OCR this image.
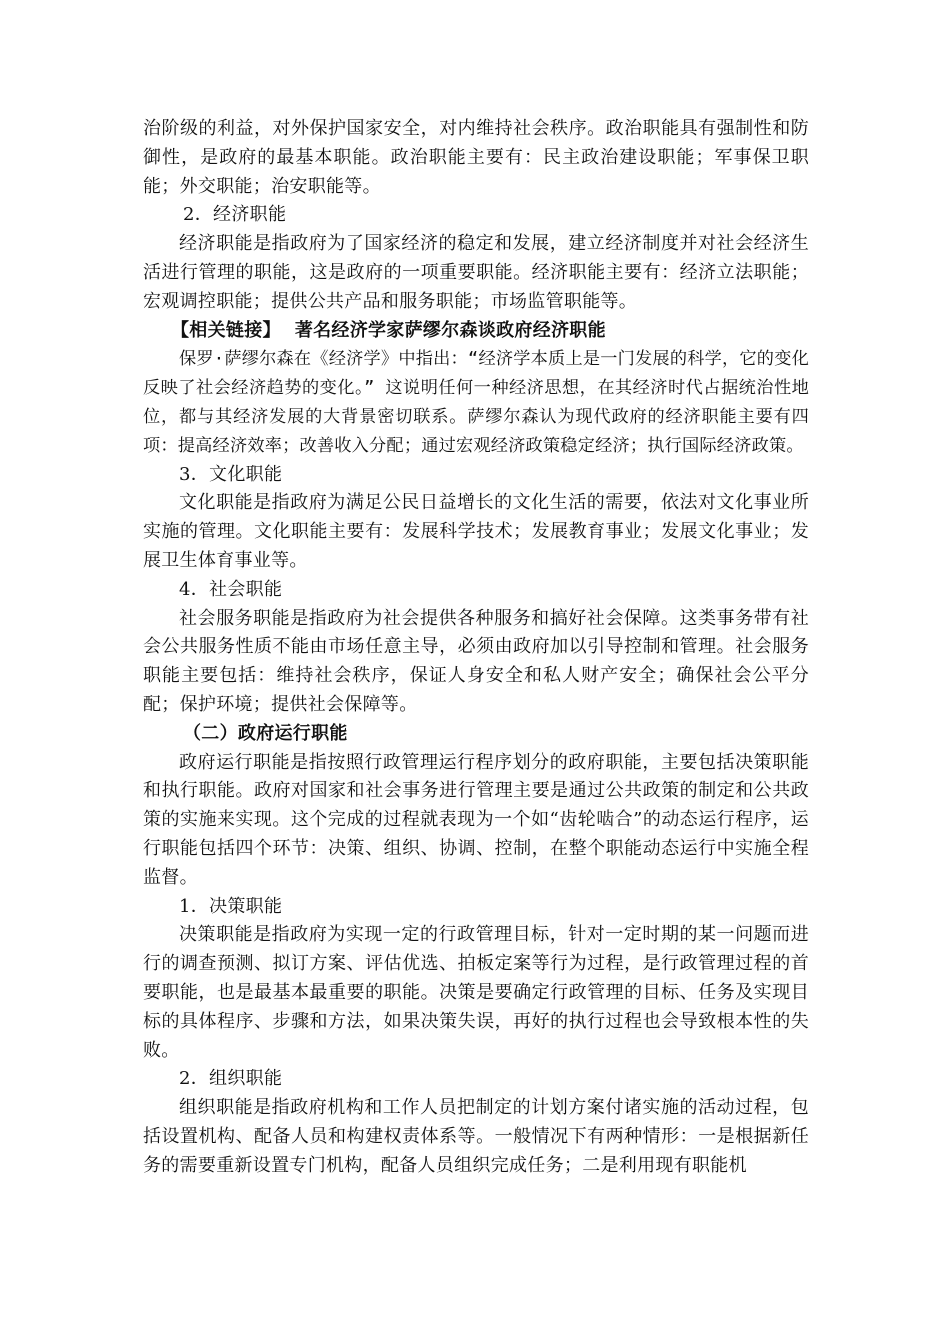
治阶级的利益，对外保护国家安全，对内维持社会秩序。政治职能具有强制性和防御性，是政府的最基本职能。政治职能主要有：民主政治建设职能；军事保卫职能；外交职能；治安职能等。

2．经济职能

经济职能是指政府为了国家经济的稳定和发展，建立经济制度并对社会经济生活进行管理的职能，这是政府的一项重要职能。经济职能主要有：经济立法职能；宏观调控职能；提供公共产品和服务职能；市场监管职能等。

【相关链接】 著名经济学家萨缪尔森谈政府经济职能

保罗·萨缪尔森在《经济学》中指出：“经济学本质上是一门发展的科学，它的变化反映了社会经济趋势的变化。” 这说明任何一种经济思想，在其经济时代占据统治性地位，都与其经济发展的大背景密切联系。萨缪尔森认为现代政府的经济职能主要有四项：提高经济效率；改善收入分配；通过宏观经济政策稳定经济；执行国际经济政策。

3．文化职能

文化职能是指政府为满足公民日益增长的文化生活的需要，依法对文化事业所实施的管理。文化职能主要有：发展科学技术；发展教育事业；发展文化事业；发展卫生体育事业等。

4．社会职能

社会服务职能是指政府为社会提供各种服务和搞好社会保障。这类事务带有社会公共服务性质不能由市场任意主导，必须由政府加以引导控制和管理。社会服务职能主要包括：维持社会秩序，保证人身安全和私人财产安全；确保社会公平分配；保护环境；提供社会保障等。

（二）政府运行职能

政府运行职能是指按照行政管理运行程序划分的政府职能，主要包括决策职能和执行职能。政府对国家和社会事务进行管理主要是通过公共政策的制定和公共政策的实施来实现。这个完成的过程就表现为一个如“齿轮啮合”的动态运行程序，运行职能包括四个环节：决策、组织、协调、控制，在整个职能动态运行中实施全程监督。

1．决策职能

决策职能是指政府为实现一定的行政管理目标，针对一定时期的某一问题而进行的调查预测、拟订方案、评估优选、拍板定案等行为过程，是行政管理过程的首要职能，也是最基本最重要的职能。决策是要确定行政管理的目标、任务及实现目标的具体程序、步骤和方法，如果决策失误，再好的执行过程也会导致根本性的失败。

2．组织职能

组织职能是指政府机构和工作人员把制定的计划方案付诸实施的活动过程，包括设置机构、配备人员和构建权责体系等。一般情况下有两种情形：一是根据新任务的需要重新设置专门机构，配备人员组织完成任务；二是利用现有职能机
